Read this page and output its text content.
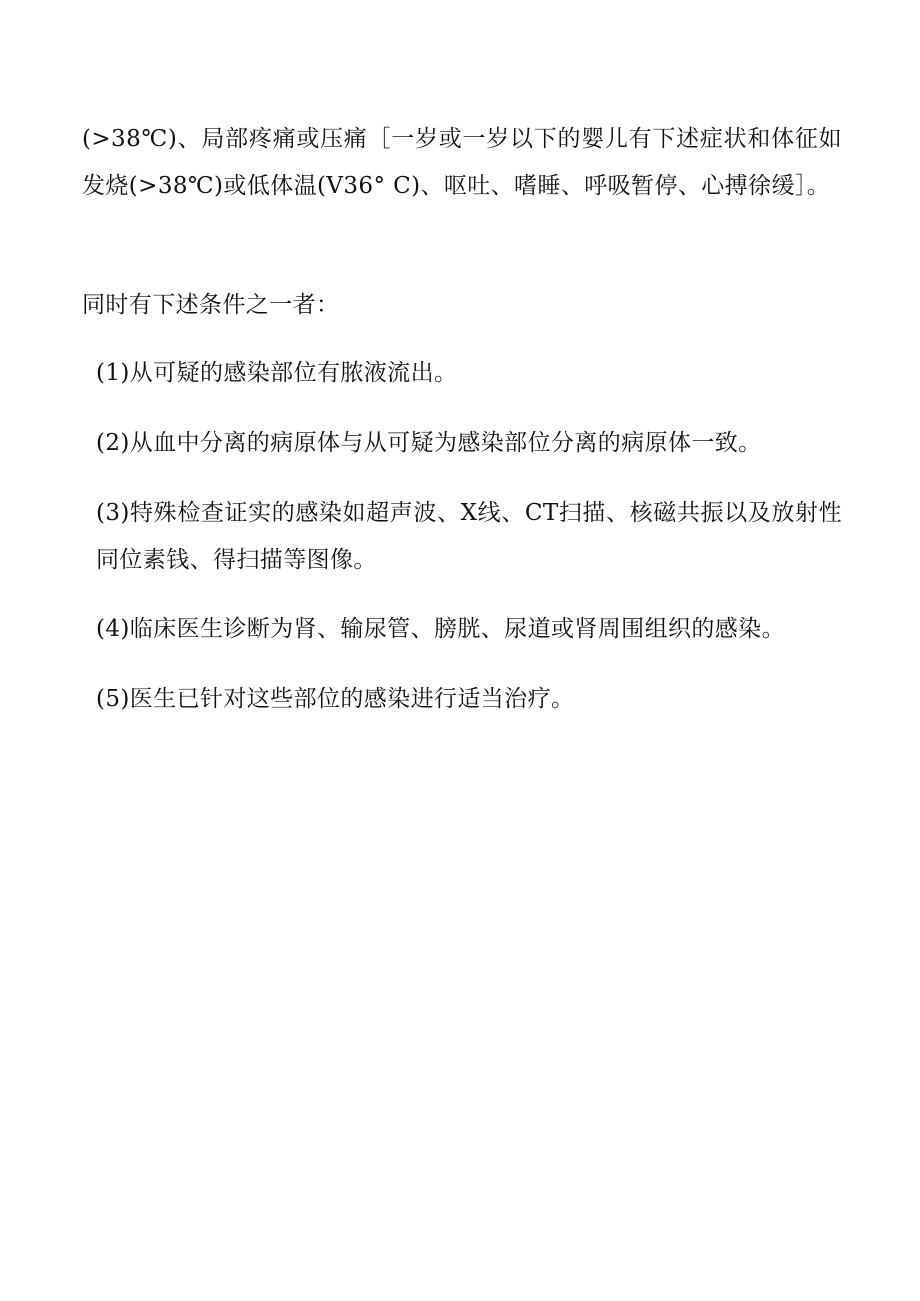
(>38℃)、局部疼痛或压痛［一岁或一岁以下的婴儿有下述症状和体征如发烧(>38℃)或低体温(V36° C)、呕吐、嗜睡、呼吸暂停、心搏徐缓］。

同时有下述条件之一者：

(1)从可疑的感染部位有脓液流出。

(2)从血中分离的病原体与从可疑为感染部位分离的病原体一致。

(3)特殊检查证实的感染如超声波、X线、CT扫描、核磁共振以及放射性同位素钱、得扫描等图像。

(4)临床医生诊断为肾、输尿管、膀胱、尿道或肾周围组织的感染。

(5)医生已针对这些部位的感染进行适当治疗。
